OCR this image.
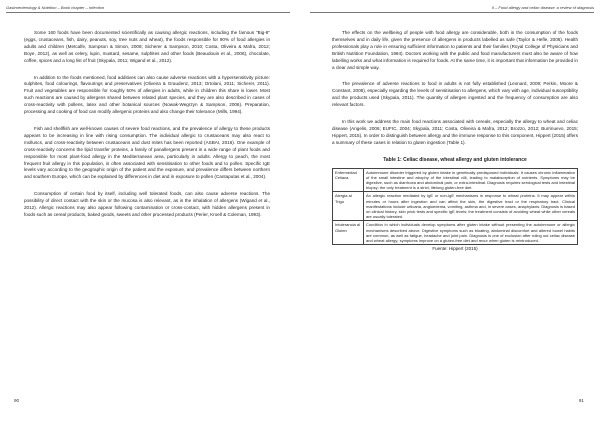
Gastroenterology & Nutrition – Book chapter – Infection

Some 160 foods have been documented scientifically as causing allergic reactions, including the famous "Big-8" (eggs, crustaceans, fish, dairy, peanuts, soy, tree nuts and wheat), the foods responsible for 90% of food allergies in adults and children (Metcalfe, Sampson & Simon, 2008; Sicherer & Sampson, 2010; Costa, Oliveira & Mafra, 2012; Boye, 2012), as well as celery, lupin, mustard, sesame, sulphites and other foods (Beaudouin et al., 2006), chocolate, coffee, spices and a long list of fruit (Skypala, 2011; Wigand et al., 2012).

In addition to the foods mentioned, food additives can also cause adverse reactions with a hypersensitivity picture: sulphites, food colourings, flavourings and preservatives (Oliveira & Graudenz, 2013; Ortolani, 2011; Sicherer, 2011). Fruit and vegetables are responsible for roughly 50% of allergies in adults, while in children this share is lower. Most such reactions are caused by allergens shared between related plant species, and they are also described in cases of cross-reactivity with pollens, latex and other botanical sources (Nowak-Wegrzyn & Sampson, 2006). Preparation, processing and cooking of food can modify allergenic proteins and also change their tolerance (Mills, 1994).

Fish and shellfish are well-known causes of severe food reactions, and the prevalence of allergy to these products appears to be increasing in line with rising consumption. The individual allergic to crustaceans may also react to molluscs, and cross-reactivity between crustaceans and dust mites has been reported (ASBAI, 2016). One example of cross-reactivity concerns the lipid transfer proteins, a family of panallergens present in a wide range of plant foods and responsible for most plant-food allergy in the Mediterranean area, particularly in adults. Allergy to peach, the most frequent fruit allergy in this population, is often associated with sensitisation to other foods and to pollen. Specific IgE levels vary according to the geographic origin of the patient and the exposure, and prevalence differs between northern and southern Europe, which can be explained by differences in diet and in exposure to pollen (Cantaputas et al., 2004).

Consumption of certain food by itself, including well tolerated foods, can also cause adverse reactions. The possibility of direct contact with the skin or the mucosa is also relevant, as is the inhalation of allergens (Wigand et al., 2012). Allergic reactions may also appear following contamination or cross-contact, with hidden allergens present in foods such as cereal products, baked goods, sweets and other processed products (Perier, Kroell & Coleman, 1993).

90
II – Food allergy and celiac disease: a review of diagnosis

The effects on the wellbeing of people with food allergy are considerable, both in the consumption of the foods themselves and in daily life, given the presence of allergens in products labelled as safe (Taylor & Hefle, 2006). Health professionals play a role in ensuring sufficient information to patients and their families (Royal College of Physicians and British Nutrition Foundation, 1984). Doctors working with the public and food manufacturers must also be aware of how labelling works and what information is required for foods. At the same time, it is important that information be provided in a clear and simple way.

The prevalence of adverse reactions to food in adults is not fully established (Leonard, 2009; Perkin, Moore & Constant, 2008), especially regarding the levels of sensitisation to allergens, which vary with age, individual susceptibility and the products used (Skypala, 2011). The quantity of allergen ingested and the frequency of consumption are also relevant factors.

In this work we address the main food reactions associated with cereals, especially the allergy to wheat and celiac disease (Angelis, 2006; EUFIC, 2004; Skypala, 2011; Costa, Oliveira & Mafra, 2012; Brozzo, 2012; Burrinuevo, 2015; Hippert, 2015). In order to distinguish between allergy and the immune response to this component, Hippert (2015) offers a summary of these cases in relation to gluten ingestion (Table 1).

Table 1: Celiac disease, wheat allergy and gluten intolerance
Enfermedad Celiaca	Autoimmune disorder triggered by gluten intake in genetically predisposed individuals. It causes chronic inflammation of the small intestine and atrophy of the intestinal villi, leading to malabsorption of nutrients. Symptoms may be digestive, such as diarrhoea and abdominal pain, or extra-intestinal. Diagnosis requires serological tests and intestinal biopsy; the only treatment is a strict, lifelong gluten-free diet.
Alergia al Trigo	An allergic reaction mediated by IgE or non-IgE mechanisms in response to wheat proteins. It may appear within minutes or hours after ingestion and can affect the skin, the digestive tract or the respiratory tract. Clinical manifestations include urticaria, angioedema, vomiting, asthma and, in severe cases, anaphylaxis. Diagnosis is based on clinical history, skin prick tests and specific IgE levels; the treatment consists of avoiding wheat while other cereals are usually tolerated.
Intolerancia al Gluten	Condition in which individuals develop symptoms after gluten intake without presenting the autoimmune or allergic mechanisms described above. Digestive symptoms such as bloating, abdominal discomfort and altered bowel habits are common, as well as fatigue, headache and joint pain. Diagnosis is one of exclusion after ruling out celiac disease and wheat allergy; symptoms improve on a gluten-free diet and recur when gluten is reintroduced.
Fuente: Hippert (2015)
91
